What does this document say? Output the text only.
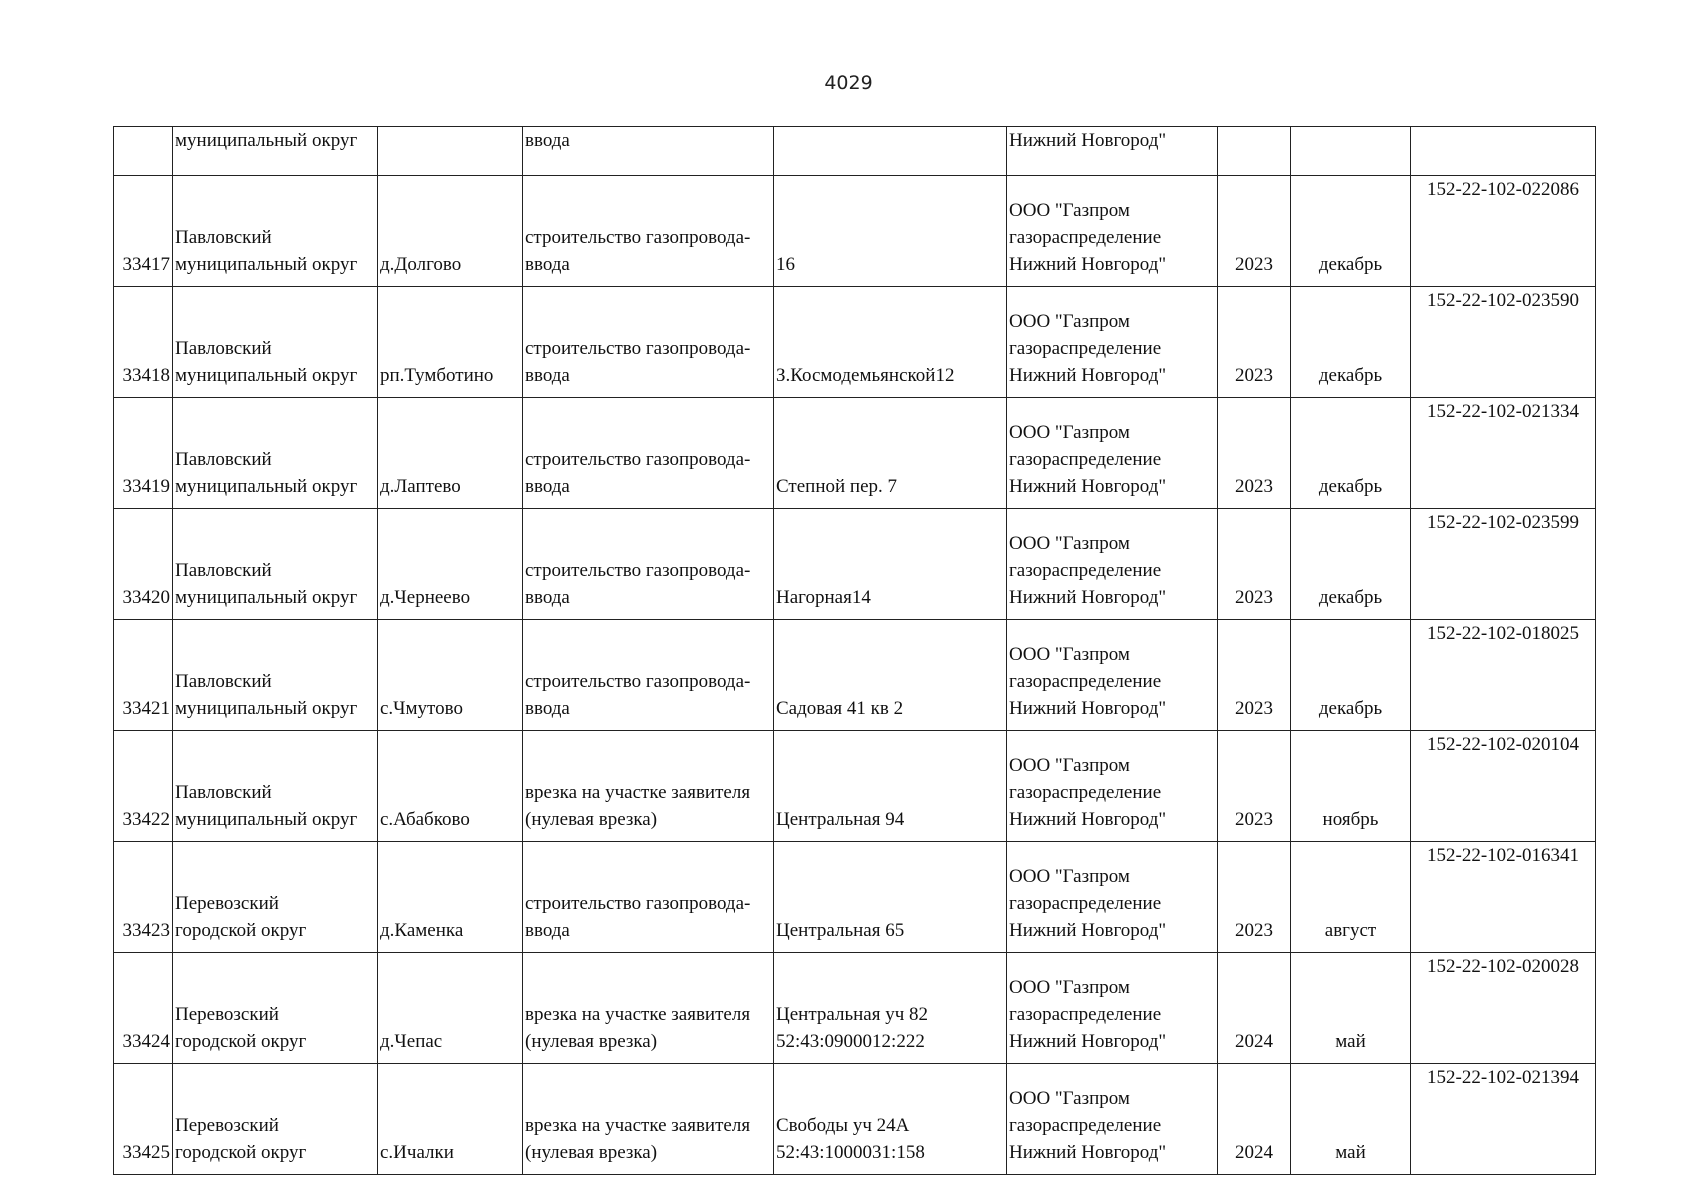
4029
	муниципальный округ		ввода		Нижний Новгород"			
33417	Павловский
муниципальный округ	д.Долгово	строительство газопровода-
ввода	16	ООО "Газпром
газораспределение
Нижний Новгород"	2023	декабрь	152-22-102-022086
33418	Павловский
муниципальный округ	рп.Тумботино	строительство газопровода-
ввода	З.Космодемьянской12	ООО "Газпром
газораспределение
Нижний Новгород"	2023	декабрь	152-22-102-023590
33419	Павловский
муниципальный округ	д.Лаптево	строительство газопровода-
ввода	Степной пер. 7	ООО "Газпром
газораспределение
Нижний Новгород"	2023	декабрь	152-22-102-021334
33420	Павловский
муниципальный округ	д.Чернеево	строительство газопровода-
ввода	Нагорная14	ООО "Газпром
газораспределение
Нижний Новгород"	2023	декабрь	152-22-102-023599
33421	Павловский
муниципальный округ	с.Чмутово	строительство газопровода-
ввода	Садовая 41 кв 2	ООО "Газпром
газораспределение
Нижний Новгород"	2023	декабрь	152-22-102-018025
33422	Павловский
муниципальный округ	с.Абабково	врезка на участке заявителя
(нулевая врезка)	Центральная 94	ООО "Газпром
газораспределение
Нижний Новгород"	2023	ноябрь	152-22-102-020104
33423	Перевозский
городской округ	д.Каменка	строительство газопровода-
ввода	Центральная 65	ООО "Газпром
газораспределение
Нижний Новгород"	2023	август	152-22-102-016341
33424	Перевозский
городской округ	д.Чепас	врезка на участке заявителя
(нулевая врезка)	Центральная уч 82
52:43:0900012:222	ООО "Газпром
газораспределение
Нижний Новгород"	2024	май	152-22-102-020028
33425	Перевозский
городской округ	с.Ичалки	врезка на участке заявителя
(нулевая врезка)	Свободы уч 24А
52:43:1000031:158	ООО "Газпром
газораспределение
Нижний Новгород"	2024	май	152-22-102-021394
